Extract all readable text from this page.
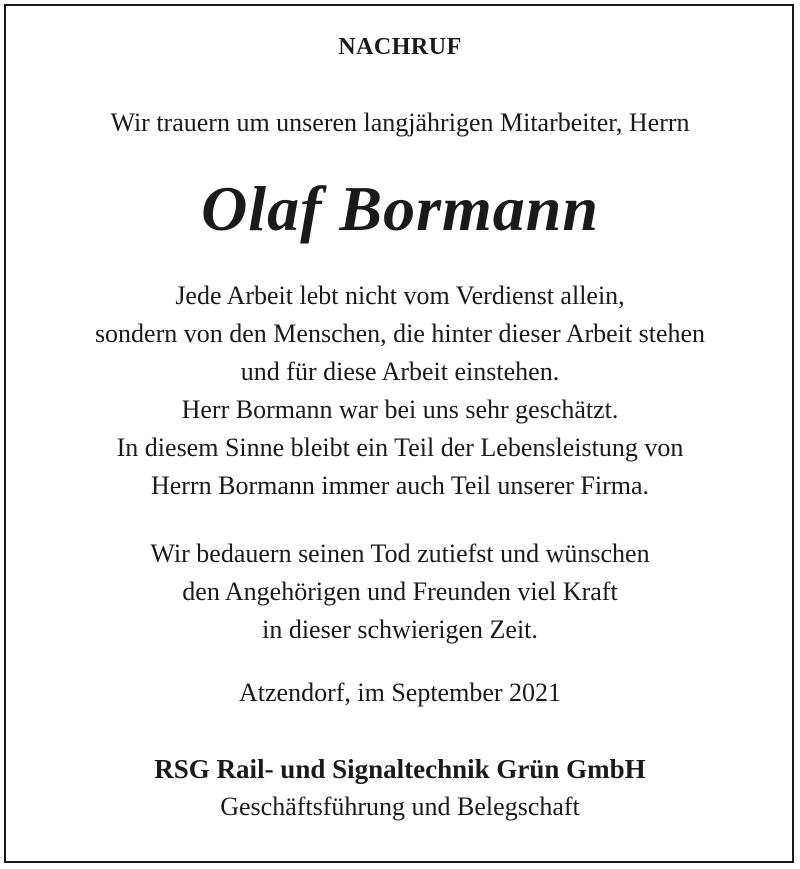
NACHRUF
Wir trauern um unseren langjährigen Mitarbeiter, Herrn
Olaf Bormann
Jede Arbeit lebt nicht vom Verdienst allein,
sondern von den Menschen, die hinter dieser Arbeit stehen
und für diese Arbeit einstehen.
Herr Bormann war bei uns sehr geschätzt.
In diesem Sinne bleibt ein Teil der Lebensleistung von
Herrn Bormann immer auch Teil unserer Firma.
Wir bedauern seinen Tod zutiefst und wünschen
den Angehörigen und Freunden viel Kraft
in dieser schwierigen Zeit.
Atzendorf, im September 2021
RSG Rail- und Signaltechnik Grün GmbH
Geschäftsführung und Belegschaft
